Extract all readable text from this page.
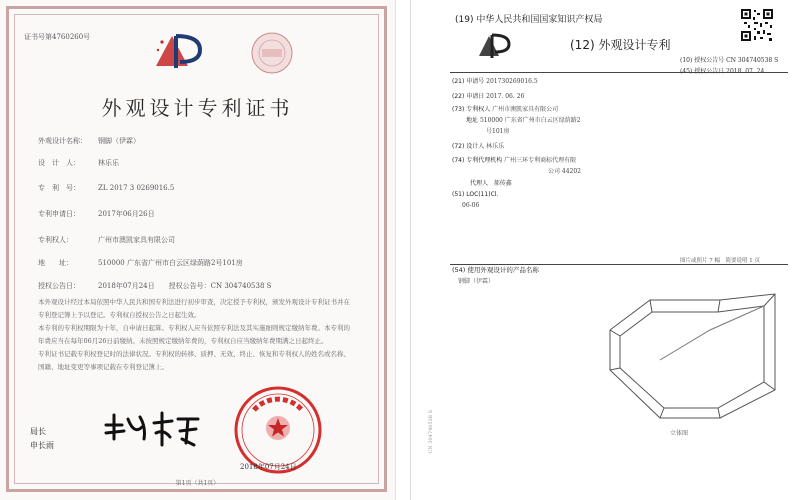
证书号第4760260号
外观设计专利证书
外观设计名称： 钢脚（伊霖）
设　计　人：	林乐乐
专　利　号：	ZL 2017 3 0269016.5
专利申请日：	2017年06月26日
专利权人：	广州市澳凯家具有限公司
地　　址：	510000 广东省广州市白云区绿荫路2号101房
授权公告日：	2018年07月24日　　授权公告号：CN 304740538 S
本外观设计经过本局依照中华人民共和国专利法进行初步审查，决定授予专利权，颁发外观设计专利证书并在专利登记簿上予以登记。专利权自授权公告之日起生效。
本专利的专利权期限为十年，自申请日起算。专利权人应当依照专利法及其实施细则规定缴纳年费。本专利的年费应当在每年06月26日前缴纳。未按照规定缴纳年费的，专利权自应当缴纳年费期满之日起终止。
专利证书记载专利权登记时的法律状况。专利权的转移、质押、无效、终止、恢复和专利权人的姓名或名称、国籍、地址变更等事项记载在专利登记簿上。
局长
申长雨
2018年07月24日
第1页（共1页）
CN 304740538 S
(19) 中华人民共和国国家知识产权局
(12) 外观设计专利
(10) 授权公告号 CN 304740538 S
(21) 申请号 201730269016.5
(22) 申请日 2017. 06. 26
(73) 专利权人 广州市澳凯家具有限公司
地址 510000 广东省广州市白云区绿荫路2
号101房
(72) 设计人 林乐乐
(74) 专利代理机构 广州三环专利商标代理有限
公司 44202
代理人 郝传鑫
(51) LOC(11)Cl.
06-06
图片或照片 7 幅　简要说明 1 页
(54) 使用外观设计的产品名称
钢脚（伊霖）
立体图
